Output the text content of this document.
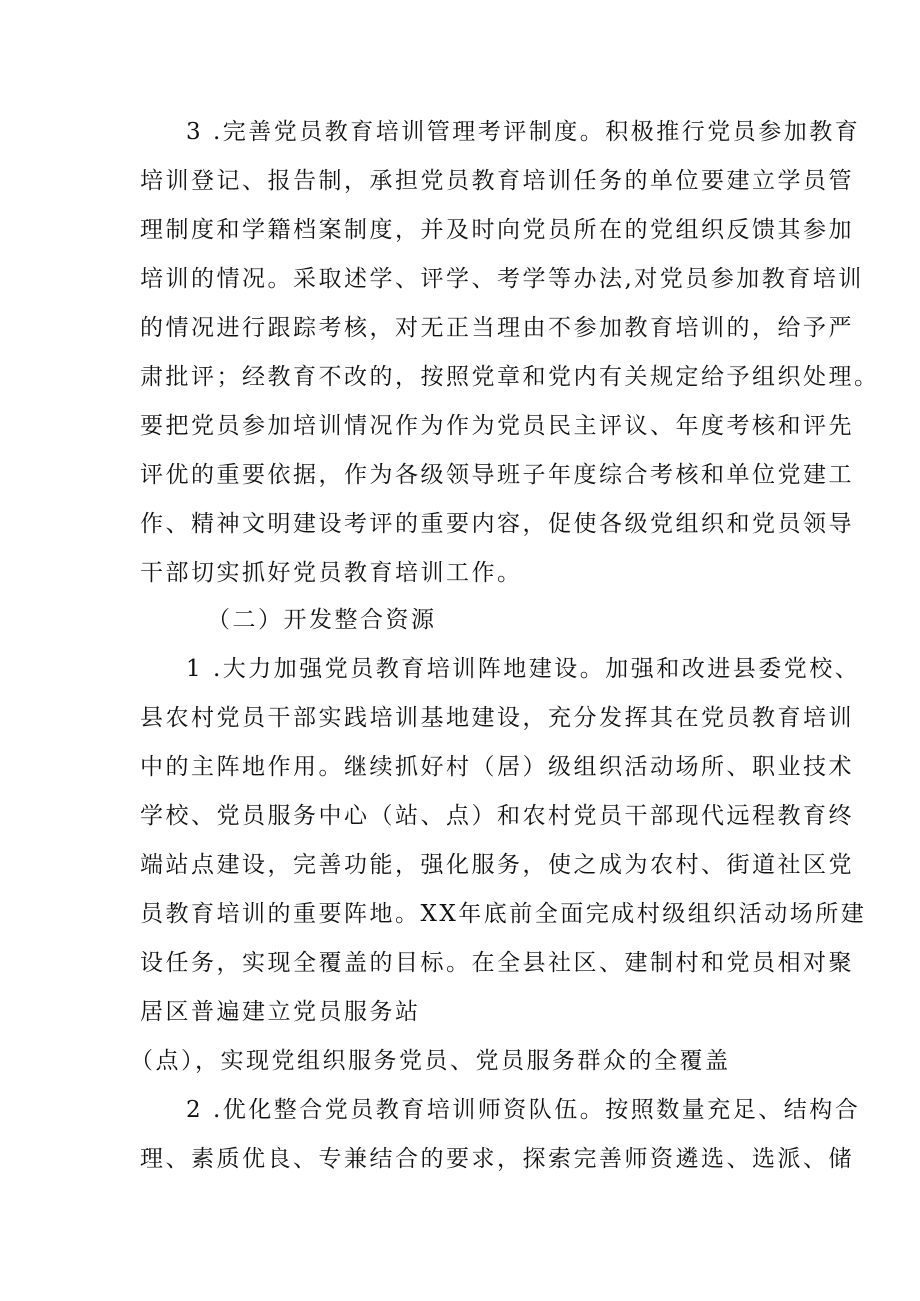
3 .完善党员教育培训管理考评制度。积极推行党员参加教育
培训登记、报告制，承担党员教育培训任务的单位要建立学员管
理制度和学籍档案制度，并及时向党员所在的党组织反馈其参加
培训的情况。采取述学、评学、考学等办法,对党员参加教育培训
的情况进行跟踪考核，对无正当理由不参加教育培训的，给予严
肃批评；经教育不改的，按照党章和党内有关规定给予组织处理。
要把党员参加培训情况作为作为党员民主评议、年度考核和评先
评优的重要依据，作为各级领导班子年度综合考核和单位党建工
作、精神文明建设考评的重要内容，促使各级党组织和党员领导
干部切实抓好党员教育培训工作。
（二）开发整合资源
1 .大力加强党员教育培训阵地建设。加强和改进县委党校、
县农村党员干部实践培训基地建设，充分发挥其在党员教育培训
中的主阵地作用。继续抓好村（居）级组织活动场所、职业技术
学校、党员服务中心（站、点）和农村党员干部现代远程教育终
端站点建设，完善功能，强化服务，使之成为农村、街道社区党
员教育培训的重要阵地。XX年底前全面完成村级组织活动场所建
设任务，实现全覆盖的目标。在全县社区、建制村和党员相对聚
居区普遍建立党员服务站
（点），实现党组织服务党员、党员服务群众的全覆盖
2 .优化整合党员教育培训师资队伍。按照数量充足、结构合
理、素质优良、专兼结合的要求，探索完善师资遴选、选派、储
